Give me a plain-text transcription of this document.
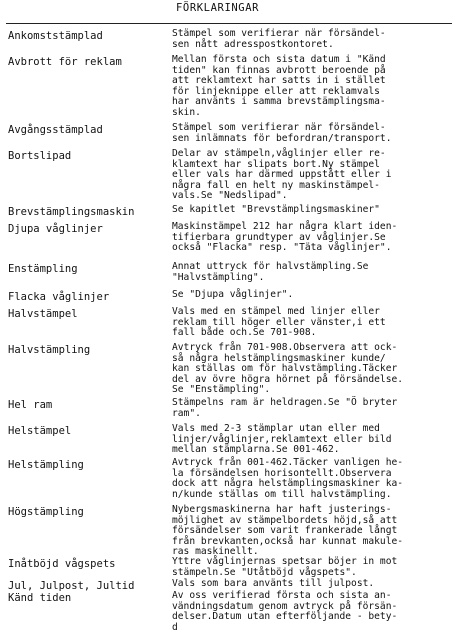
FÖRKLARINGAR
Ankomststämplad	Stämpel som verifierar när försändel-
sen nått adresspostkontoret.
Avbrott för reklam	Mellan första och sista datum i "Känd
tiden" kan finnas avbrott beroende på
att reklamtext har satts in i stället
för linjeknippe eller att reklamvals
har använts i samma brevstämplingsma-
skin.
Avgångsstämplad	Stämpel som verifierar när försändel-
sen inlämnats för befordran/transport.
Bortslipad	Delar av stämpeln,våglinjer eller re-
klamtext har slipats bort.Ny stämpel
eller vals har därmed uppstått eller i
några fall en helt ny maskinstämpel-
vals.Se "Nedslipad".
Brevstämplingsmaskin	Se kapitlet "Brevstämplingsmaskiner"
Djupa våglinjer	Maskinstämpel 212 har några klart iden-
tifierbara grundtyper av våglinjer.Se
också "Flacka" resp. "Täta våglinjer".
Enstämpling	Annat uttryck för halvstämpling.Se
"Halvstämpling".
Flacka våglinjer	Se "Djupa våglinjer".
Halvstämpel	Vals med en stämpel med linjer eller
reklam till höger eller vänster,i ett
fall både och.Se 701-908.
Halvstämpling	Avtryck från 701-908.Observera att ock-
så några helstämplingsmaskiner kunde/
kan ställas om för halvstämpling.Täcker
del av övre högra hörnet på försändelse.
Se "Enstämpling".
Hel ram	Stämpelns ram är heldragen.Se "Ö bryter
ram".
Helstämpel	Vals med 2-3 stämplar utan eller med
linjer/våglinjer,reklamtext eller bild
mellan stämplarna.Se 001-462.
Helstämpling	Avtryck från 001-462.Täcker vanligen he-
la försändelsen horisontellt.Observera
dock att några helstämplingsmaskiner ka-
n/kunde ställas om till halvstämpling.
Högstämpling	Nybergsmaskinerna har haft justerings-
möjlighet av stämpelbordets höjd,så att
försändelser som varit frankerade långt
från brevkanten,också har kunnat makule-
ras maskinellt.
Inåtböjd vågspets	Yttre våglinjernas spetsar böjer in mot
stämpeln.Se "Utåtböjd vågspets".
Jul, Julpost, Jultid	Vals som bara använts till julpost.
Känd tiden	Av oss verifierad första och sista an-
vändningsdatum genom avtryck på försän-
delser.Datum utan efterföljande - bety-
d
